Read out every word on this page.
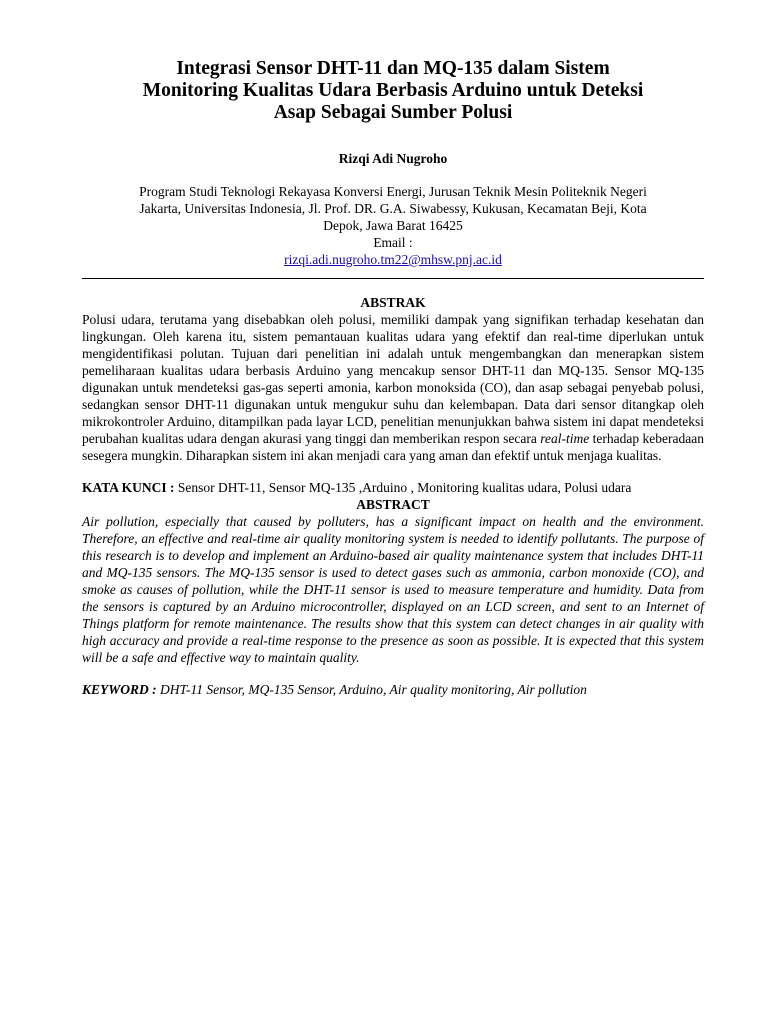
Integrasi Sensor DHT-11 dan MQ-135 dalam Sistem
Monitoring Kualitas Udara Berbasis Arduino untuk Deteksi
Asap Sebagai Sumber Polusi
Rizqi Adi Nugroho
Program Studi Teknologi Rekayasa Konversi Energi, Jurusan Teknik Mesin Politeknik Negeri
Jakarta, Universitas Indonesia, Jl. Prof. DR. G.A. Siwabessy, Kukusan, Kecamatan Beji, Kota
Depok, Jawa Barat 16425
Email :
rizqi.adi.nugroho.tm22@mhsw.pnj.ac.id
ABSTRAK

Polusi udara, terutama yang disebabkan oleh polusi, memiliki dampak yang signifikan terhadap kesehatan dan lingkungan. Oleh karena itu, sistem pemantauan kualitas udara yang efektif dan real-time diperlukan untuk mengidentifikasi polutan. Tujuan dari penelitian ini adalah untuk mengembangkan dan menerapkan sistem pemeliharaan kualitas udara berbasis Arduino yang mencakup sensor DHT-11 dan MQ-135. Sensor MQ-135 digunakan untuk mendeteksi gas-gas seperti amonia, karbon monoksida (CO), dan asap sebagai penyebab polusi, sedangkan sensor DHT-11 digunakan untuk mengukur suhu dan kelembapan. Data dari sensor ditangkap oleh mikrokontroler Arduino, ditampilkan pada layar LCD, penelitian menunjukkan bahwa sistem ini dapat mendeteksi perubahan kualitas udara dengan akurasi yang tinggi dan memberikan respon secara real-time terhadap keberadaan sesegera mungkin. Diharapkan sistem ini akan menjadi cara yang aman dan efektif untuk menjaga kualitas.

KATA KUNCI : Sensor DHT-11, Sensor MQ-135 ,Arduino , Monitoring kualitas udara, Polusi udara
ABSTRACT

Air pollution, especially that caused by polluters, has a significant impact on health and the environment. Therefore, an effective and real-time air quality monitoring system is needed to identify pollutants. The purpose of this research is to develop and implement an Arduino-based air quality maintenance system that includes DHT-11 and MQ-135 sensors. The MQ-135 sensor is used to detect gases such as ammonia, carbon monoxide (CO), and smoke as causes of pollution, while the DHT-11 sensor is used to measure temperature and humidity. Data from the sensors is captured by an Arduino microcontroller, displayed on an LCD screen, and sent to an Internet of Things platform for remote maintenance. The results show that this system can detect changes in air quality with high accuracy and provide a real-time response to the presence as soon as possible. It is expected that this system will be a safe and effective way to maintain quality.

KEYWORD : DHT-11 Sensor, MQ-135 Sensor, Arduino, Air quality monitoring, Air pollution
